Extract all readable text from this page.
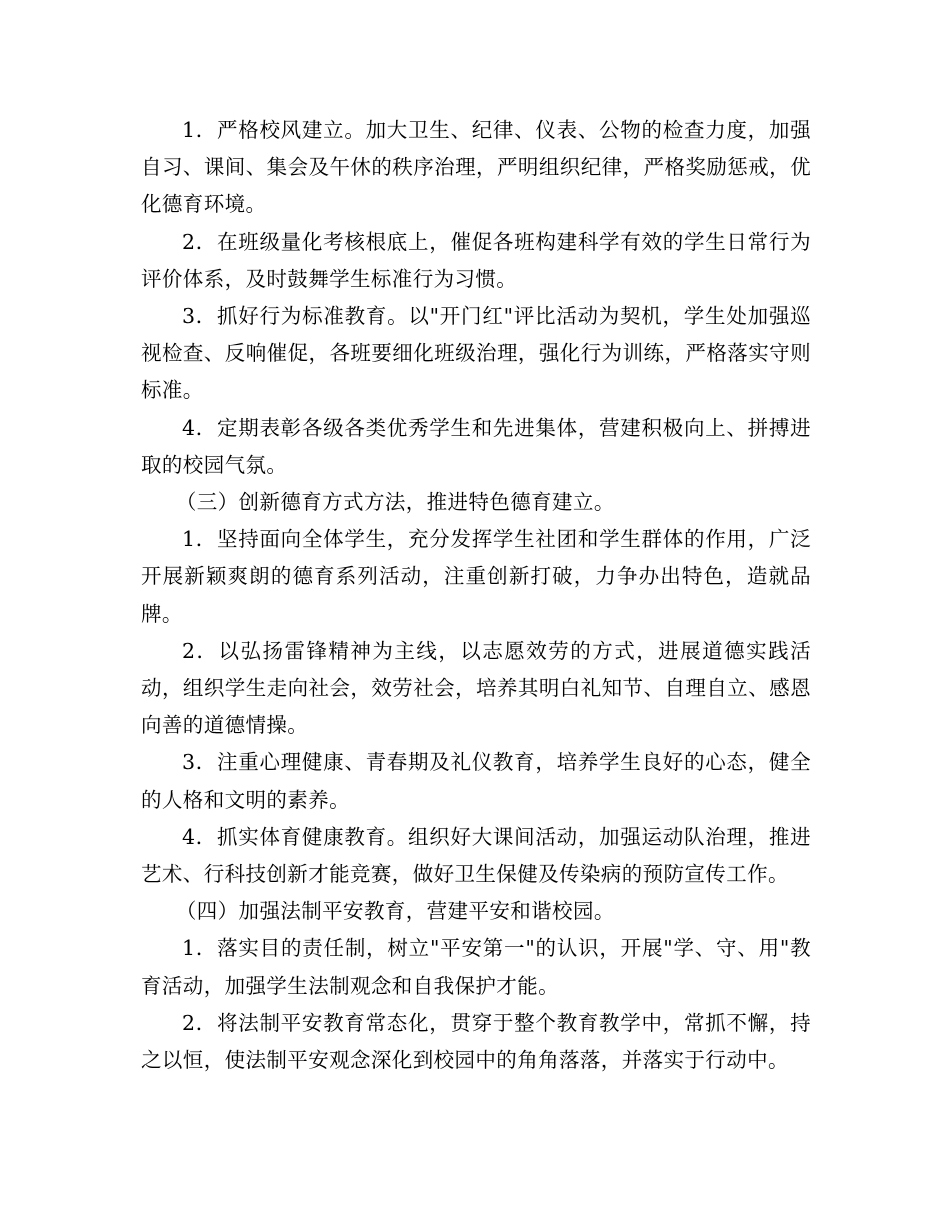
1．严格校风建立。加大卫生、纪律、仪表、公物的检查力度，加强自习、课间、集会及午休的秩序治理，严明组织纪律，严格奖励惩戒，优化德育环境。

2．在班级量化考核根底上，催促各班构建科学有效的学生日常行为评价体系，及时鼓舞学生标准行为习惯。

3．抓好行为标准教育。以"开门红"评比活动为契机，学生处加强巡视检查、反响催促，各班要细化班级治理，强化行为训练，严格落实守则标准。

4．定期表彰各级各类优秀学生和先进集体，营建积极向上、拼搏进取的校园气氛。

（三）创新德育方式方法，推进特色德育建立。

1．坚持面向全体学生，充分发挥学生社团和学生群体的作用，广泛开展新颖爽朗的德育系列活动，注重创新打破，力争办出特色，造就品牌。

2．以弘扬雷锋精神为主线，以志愿效劳的方式，进展道德实践活动，组织学生走向社会，效劳社会，培养其明白礼知节、自理自立、感恩向善的道德情操。

3．注重心理健康、青春期及礼仪教育，培养学生良好的心态，健全的人格和文明的素养。

4．抓实体育健康教育。组织好大课间活动，加强运动队治理，推进艺术、行科技创新才能竞赛，做好卫生保健及传染病的预防宣传工作。

（四）加强法制平安教育，营建平安和谐校园。

1．落实目的责任制，树立"平安第一"的认识，开展"学、守、用"教育活动，加强学生法制观念和自我保护才能。

2．将法制平安教育常态化，贯穿于整个教育教学中，常抓不懈，持之以恒，使法制平安观念深化到校园中的角角落落，并落实于行动中。
